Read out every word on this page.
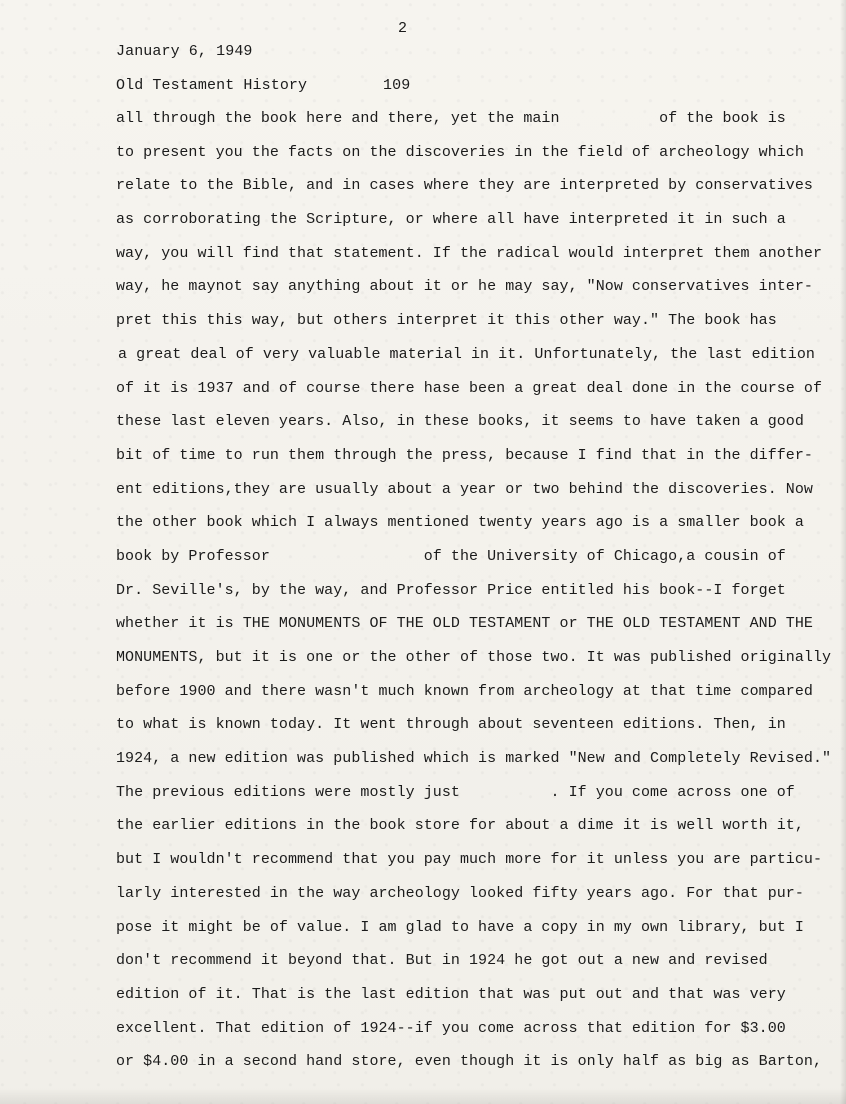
2
January 6, 1949
Old Testament History	109
all through the book here and there, yet the main           of the book is
to present you the facts on the discoveries in the field of archeology which
relate to the Bible, and in cases where they are interpreted by conservatives
as corroborating the Scripture, or where all have interpreted it in such a
way, you will find that statement. If the radical would interpret them another
way, he maynot say anything about it or he may say, "Now conservatives inter-
pret this this way, but others interpret it this other way." The book has
a great deal of very valuable material in it. Unfortunately, the last edition
of it is 1937 and of course there hase been a great deal done in the course of
these last eleven years. Also, in these books, it seems to have taken a good
bit of time to run them through the press, because I find that in the differ-
ent editions,they are usually about a year or two behind the discoveries. Now
the other book which I always mentioned twenty years ago is a smaller book a
book by Professor                 of the University of Chicago,a cousin of
Dr. Seville's, by the way, and Professor Price entitled his book--I forget
whether it is THE MONUMENTS OF THE OLD TESTAMENT or THE OLD TESTAMENT AND THE
MONUMENTS, but it is one or the other of those two. It was published originally
before 1900 and there wasn't much known from archeology at that time compared
to what is known today. It went through about seventeen editions. Then, in
1924, a new edition was published which is marked "New and Completely Revised."
The previous editions were mostly just          . If you come across one of
the earlier editions in the book store for about a dime it is well worth it,
but I wouldn't recommend that you pay much more for it unless you are particu-
larly interested in the way archeology looked fifty years ago. For that pur-
pose it might be of value. I am glad to have a copy in my own library, but I
don't recommend it beyond that. But in 1924 he got out a new and revised
edition of it. That is the last edition that was put out and that was very
excellent. That edition of 1924--if you come across that edition for $3.00
or $4.00 in a second hand store, even though it is only half as big as Barton,
